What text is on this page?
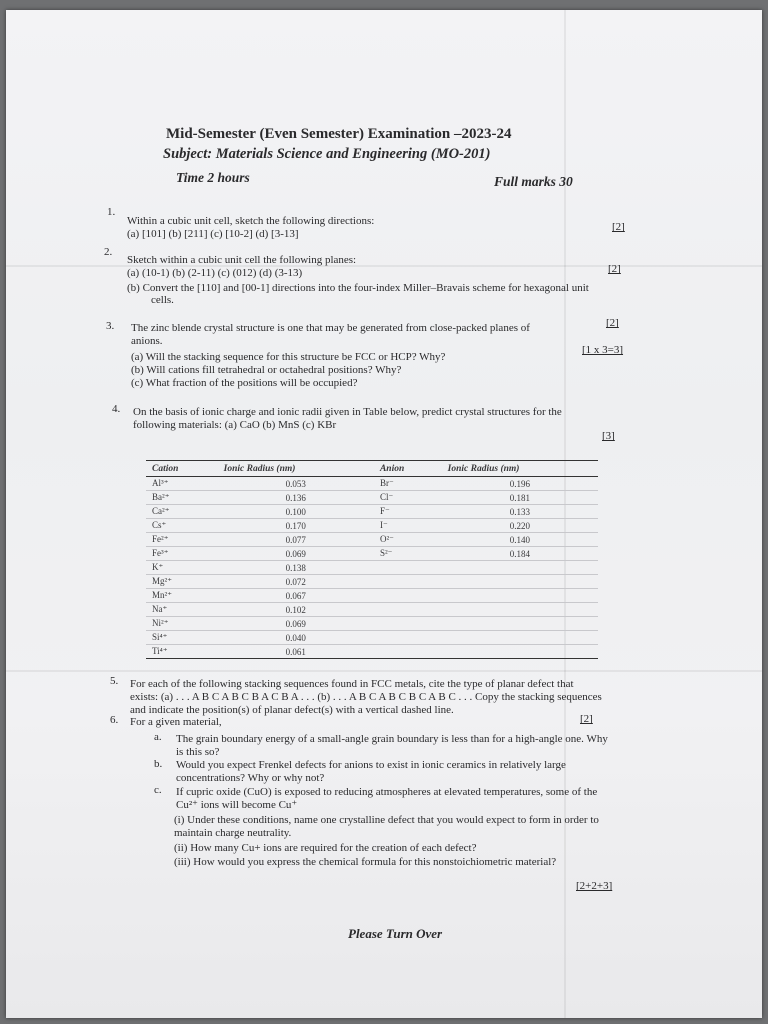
Mid-Semester (Even Semester) Examination –2023-24
Subject: Materials Science and Engineering (MO-201)
Time 2 hours	Full marks 30
1.
Within a cubic unit cell, sketch the following directions:
(a) [101] (b) [211] (c) [10-2] (d) [3-13]
[2]
2.
Sketch within a cubic unit cell the following planes:
(a) (10-1) (b) (2-11) (c) (012) (d) (3-13)	[2]
(b) Convert the [110] and [00-1] directions into the four-index Miller–Bravais scheme for hexagonal unit
cells.
3. The zinc blende crystal structure is one that may be generated from close-packed planes of
anions.
[2]
[1 x 3=3]
(a) Will the stacking sequence for this structure be FCC or HCP? Why?
(b) Will cations fill tetrahedral or octahedral positions? Why?
(c) What fraction of the positions will be occupied?
4. On the basis of ionic charge and ionic radii given in Table below, predict crystal structures for the
following materials: (a) CaO (b) MnS (c) KBr
[3]
Cation	Ionic Radius (nm)	Anion	Ionic Radius (nm)
Al³⁺	0.053	Br⁻	0.196
Ba²⁺	0.136	Cl⁻	0.181
Ca²⁺	0.100	F⁻	0.133
Cs⁺	0.170	I⁻	0.220
Fe²⁺	0.077	O²⁻	0.140
Fe³⁺	0.069	S²⁻	0.184
K⁺	0.138		
Mg²⁺	0.072		
Mn²⁺	0.067		
Na⁺	0.102		
Ni²⁺	0.069		
Si⁴⁺	0.040		
Ti⁴⁺	0.061		
5. For each of the following stacking sequences found in FCC metals, cite the type of planar defect that
exists: (a) . . . A B C A B C B A C B A . . . (b) . . . A B C A B C B C A B C . . . Copy the stacking sequences
and indicate the position(s) of planar defect(s) with a vertical dashed line.
[2]
6. For a given material,
a. The grain boundary energy of a small-angle grain boundary is less than for a high-angle one. Why
is this so?
b. Would you expect Frenkel defects for anions to exist in ionic ceramics in relatively large
concentrations? Why or why not?
c. If cupric oxide (CuO) is exposed to reducing atmospheres at elevated temperatures, some of the
Cu²⁺ ions will become Cu⁺
(i) Under these conditions, name one crystalline defect that you would expect to form in order to
maintain charge neutrality.
(ii) How many Cu+ ions are required for the creation of each defect?
(iii) How would you express the chemical formula for this nonstoichiometric material?
[2+2+3]
Please Turn Over
